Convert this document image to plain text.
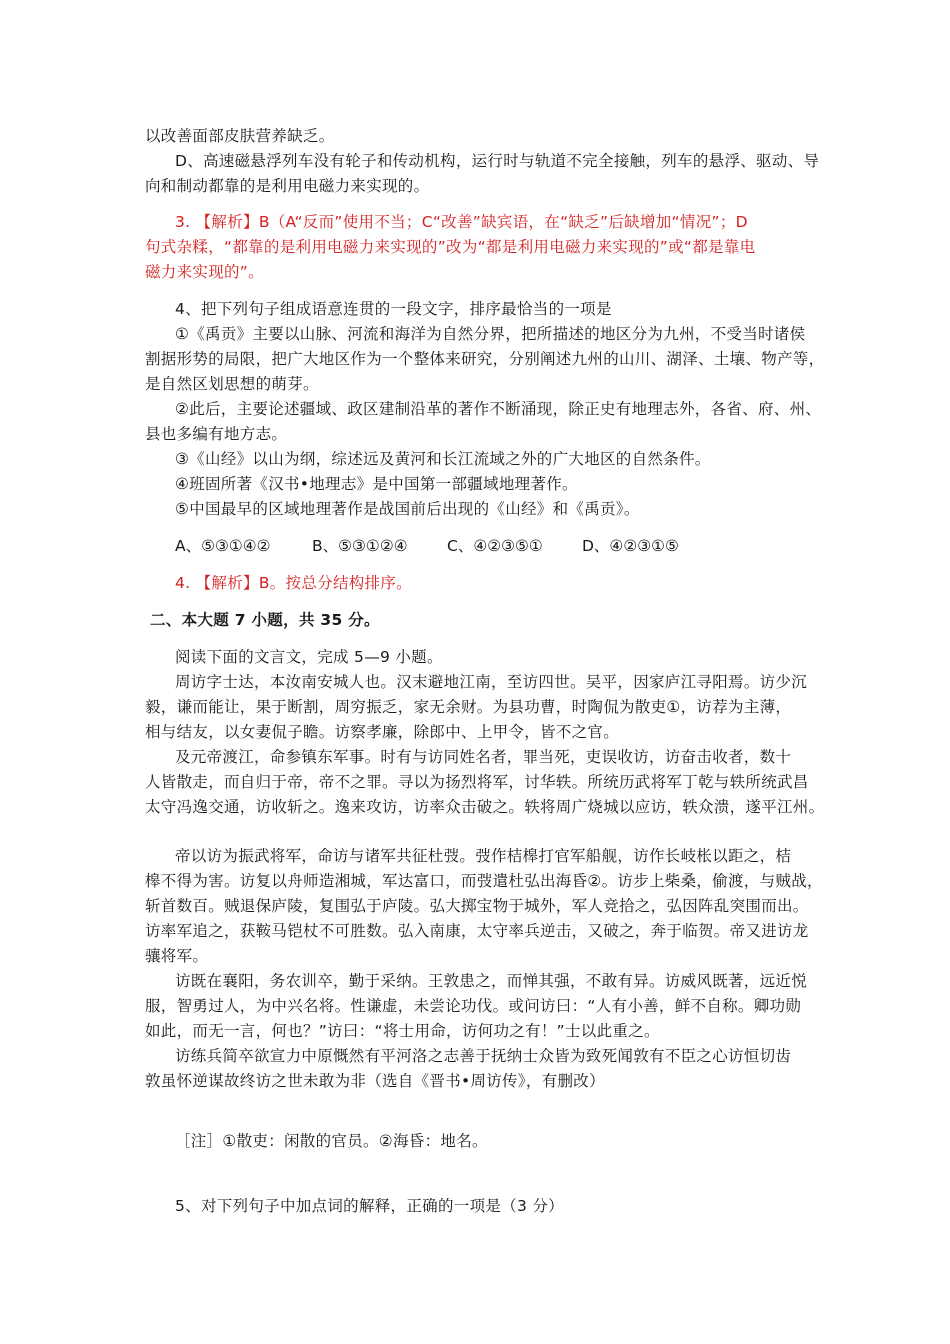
以改善面部皮肤营养缺乏。
D、高速磁悬浮列车没有轮子和传动机构，运行时与轨道不完全接触，列车的悬浮、驱动、导
向和制动都靠的是利用电磁力来实现的。
3. 【解析】B（A“反而”使用不当；C“改善”缺宾语，在“缺乏”后缺增加“情况”；D
句式杂糅，“都靠的是利用电磁力来实现的”改为“都是利用电磁力来实现的”或“都是靠电
磁力来实现的”。
4、把下列句子组成语意连贯的一段文字，排序最恰当的一项是
①《禹贡》主要以山脉、河流和海洋为自然分界，把所描述的地区分为九州，不受当时诸侯
割据形势的局限，把广大地区作为一个整体来研究，分别阐述九州的山川、湖泽、土壤、物产等，
是自然区划思想的萌芽。
②此后，主要论述疆域、政区建制沿革的著作不断涌现，除正史有地理志外，各省、府、州、
县也多编有地方志。
③《山经》以山为纲，综述远及黄河和长江流域之外的广大地区的自然条件。
④班固所著《汉书•地理志》是中国第一部疆域地理著作。
⑤中国最早的区域地理著作是战国前后出现的《山经》和《禹贡》。
A、⑤③①④②	B、⑤③①②④	C、④②③⑤①	D、④②③①⑤
4. 【解析】B。按总分结构排序。
二、本大题 7 小题，共 35 分。
阅读下面的文言文，完成 5—9 小题。
周访字士达，本汝南安城人也。汉末避地江南，至访四世。吴平，因家庐江寻阳焉。访少沉
毅，谦而能让，果于断割，周穷振乏，家无余财。为县功曹，时陶侃为散吏①，访荐为主薄，
相与结友，以女妻侃子瞻。访察孝廉，除郎中、上甲令，皆不之官。
及元帝渡江，命参镇东军事。时有与访同姓名者，罪当死，吏误收访，访奋击收者，数十
人皆散走，而自归于帝，帝不之罪。寻以为扬烈将军，讨华轶。所统历武将军丁乾与轶所统武昌
太守冯逸交通，访收斩之。逸来攻访，访率众击破之。轶将周广烧城以应访，轶众溃，遂平江州。
帝以访为振武将军，命访与诸军共征杜弢。弢作桔槔打官军船舰，访作长岐枨以距之，桔
槔不得为害。访复以舟师造湘城，军达富口，而弢遣杜弘出海昏②。访步上柴桑，偷渡，与贼战，
斩首数百。贼退保庐陵，复围弘于庐陵。弘大掷宝物于城外，军人竞拾之，弘因阵乱突围而出。
访率军追之，获鞍马铠杖不可胜数。弘入南康，太守率兵逆击，又破之，奔于临贺。帝又进访龙
骧将军。
访既在襄阳，务农训卒，勤于采纳。王敦患之，而惮其强，不敢有异。访威风既著，远近悦
服，智勇过人，为中兴名将。性谦虚，未尝论功伐。或问访曰：“人有小善，鲜不自称。卿功勋
如此，而无一言，何也？”访曰：“将士用命，访何功之有！”士以此重之。
访练兵简卒欲宣力中原慨然有平河洛之志善于抚纳士众皆为致死闻敦有不臣之心访恒切齿
敦虽怀逆谋故终访之世未敢为非（选自《晋书•周访传》，有删改）
［注］①散吏：闲散的官员。②海昏：地名。
5、对下列句子中加点词的解释，正确的一项是（3 分）
